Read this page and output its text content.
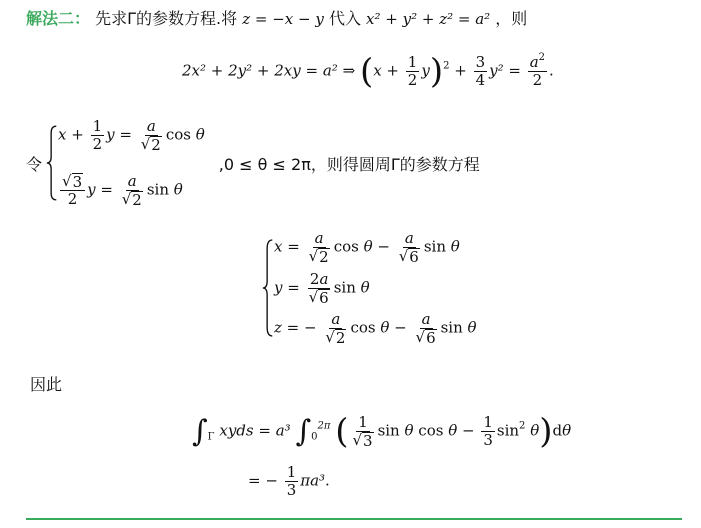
解法二： 先求Γ的参数方程.将 z = −x − y 代入 x² + y² + z² = a² ，则
2x² + 2y² + 2xy = a² ⇒ $(x + \frac{1}{2} y)^2 + \frac{3}{4} y^2 = \frac{a^2}{2}$ .
令
$x + \frac{1}{2}$ $y = \frac{a}{√ 2}$ cos θ
$\frac{√ 3}{2}$ $y = \frac{a}{√ 2}$ sin θ
,0 ≤ θ ≤ 2π，则得圆周Γ的参数方程
$x = \frac{a}{√ 2}$ $\cos \theta - \frac{a}{√ 6}$ sin θ
$y = \frac{2a}{√ 6}$ sin θ
z = − $\frac{a}{√ 2}$ $\cos \theta - \frac{a}{√ 6}$ sin θ
因此
$\int_\Gamma$ xyds = a³ $\int_0^{2\pi}$ ( $\frac{1}{√ 3}$ sin θ $\cos \theta - \frac{1}{3} \sin^2 \theta)d\theta$
= − $\frac{1}{3} \pi a^3$.
